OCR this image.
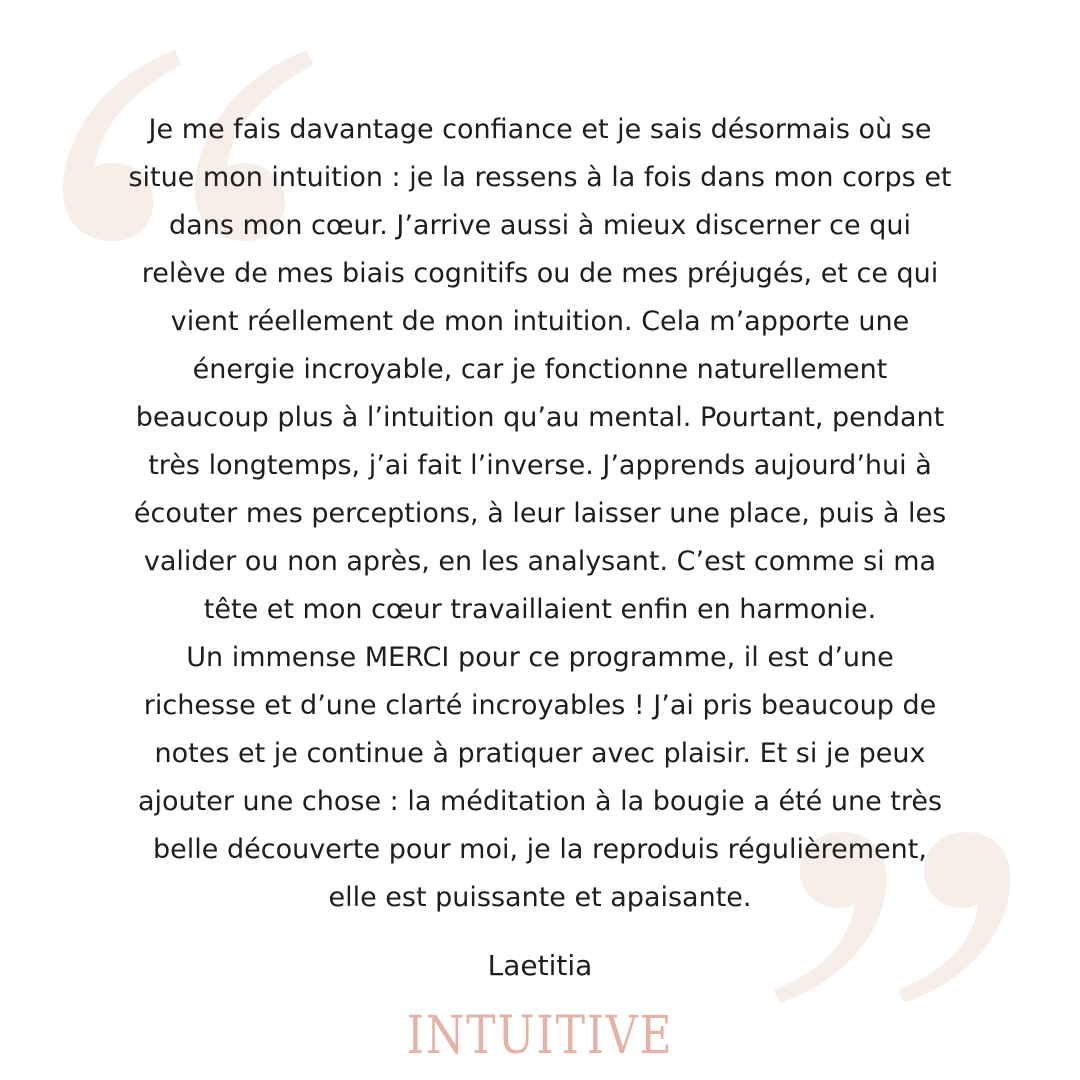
Je me fais davantage confiance et je sais désormais où se
situe mon intuition : je la ressens à la fois dans mon corps et
dans mon cœur. J’arrive aussi à mieux discerner ce qui
relève de mes biais cognitifs ou de mes préjugés, et ce qui
vient réellement de mon intuition. Cela m’apporte une
énergie incroyable, car je fonctionne naturellement
beaucoup plus à l’intuition qu’au mental. Pourtant, pendant
très longtemps, j’ai fait l’inverse. J’apprends aujourd’hui à
écouter mes perceptions, à leur laisser une place, puis à les
valider ou non après, en les analysant. C’est comme si ma
tête et mon cœur travaillaient enfin en harmonie.
Un immense MERCI pour ce programme, il est d’une
richesse et d’une clarté incroyables ! J’ai pris beaucoup de
notes et je continue à pratiquer avec plaisir. Et si je peux
ajouter une chose : la méditation à la bougie a été une très
belle découverte pour moi, je la reproduis régulièrement,
elle est puissante et apaisante.

Laetitia
INTUITIVE
